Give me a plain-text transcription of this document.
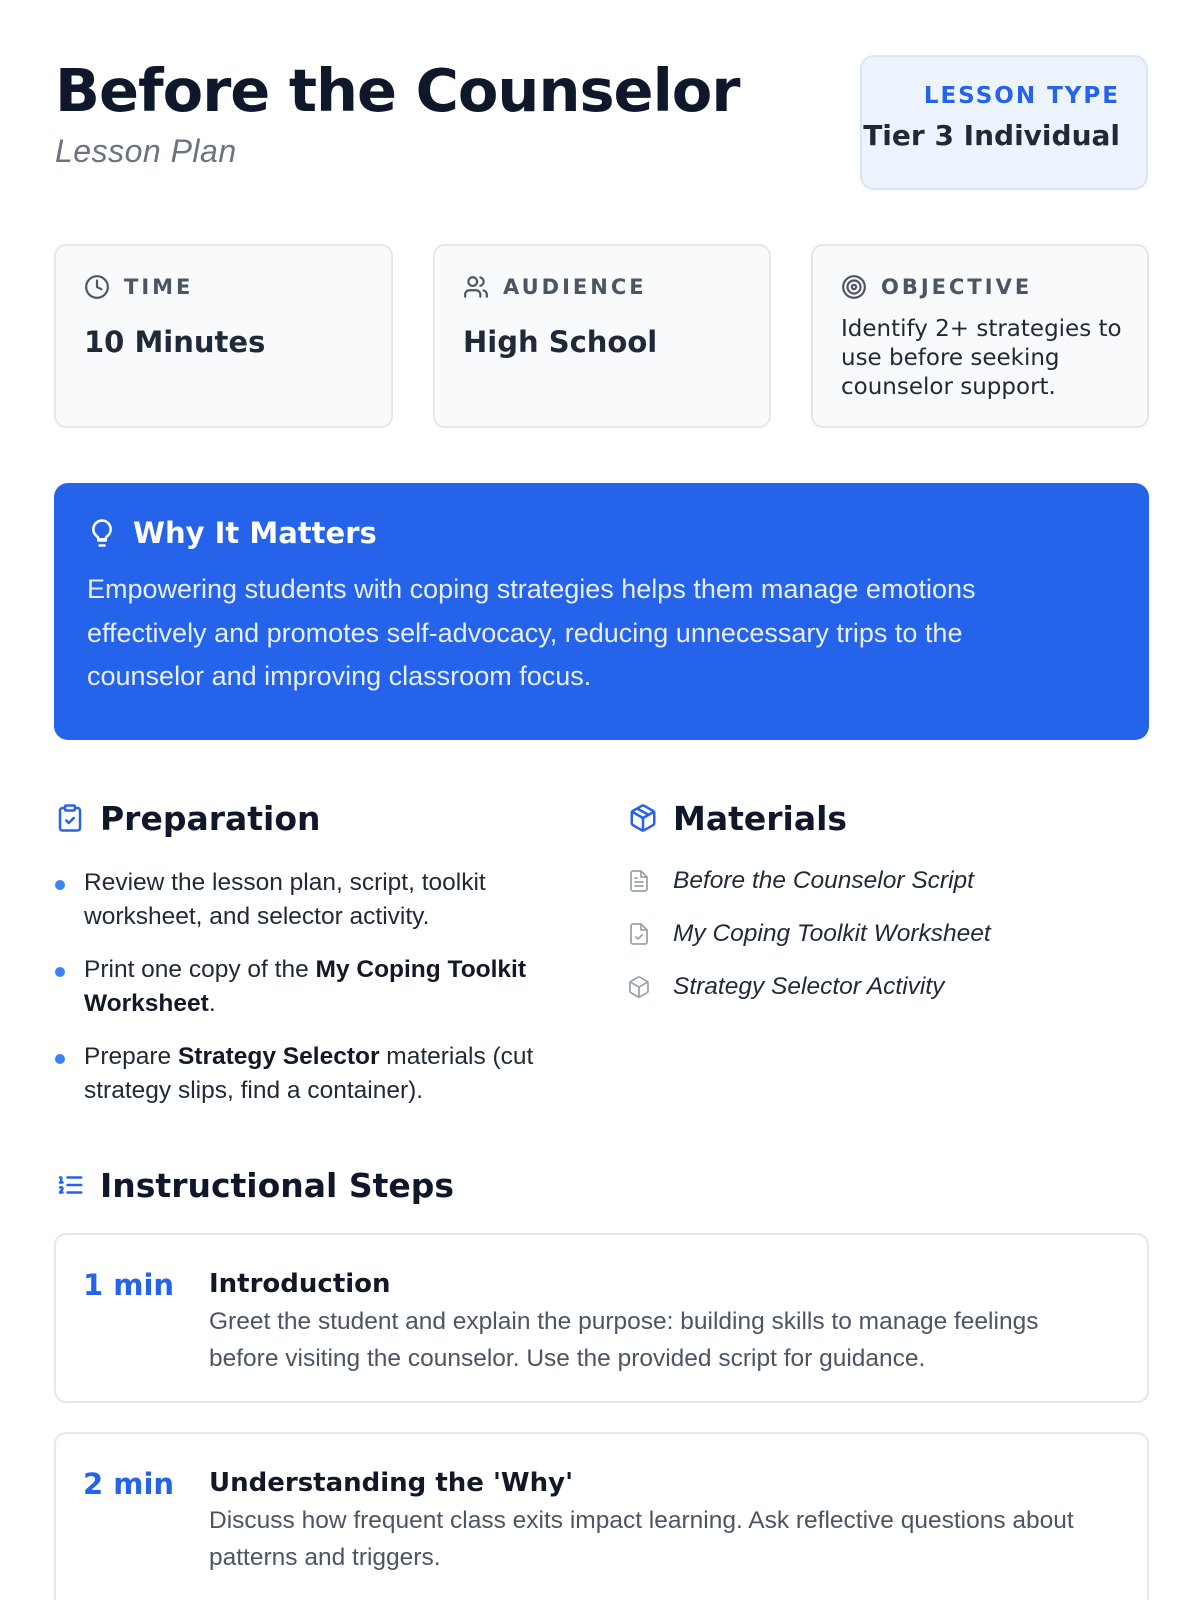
Before the Counselor
Lesson Plan
LESSON TYPE
Tier 3 Individual
TIME
10 Minutes
AUDIENCE
High School
OBJECTIVE
Identify 2+ strategies to use before seeking counselor support.
Why It Matters
Empowering students with coping strategies helps them manage emotions effectively and promotes self-advocacy, reducing unnecessary trips to the counselor and improving classroom focus.
Preparation
Review the lesson plan, script, toolkit worksheet, and selector activity.
Print one copy of the My Coping Toolkit Worksheet.
Prepare Strategy Selector materials (cut strategy slips, find a container).
Materials
Before the Counselor Script
My Coping Toolkit Worksheet
Strategy Selector Activity
Instructional Steps
1 min Introduction
Greet the student and explain the purpose: building skills to manage feelings before visiting the counselor. Use the provided script for guidance.
2 min Understanding the 'Why'
Discuss how frequent class exits impact learning. Ask reflective questions about patterns and triggers.
